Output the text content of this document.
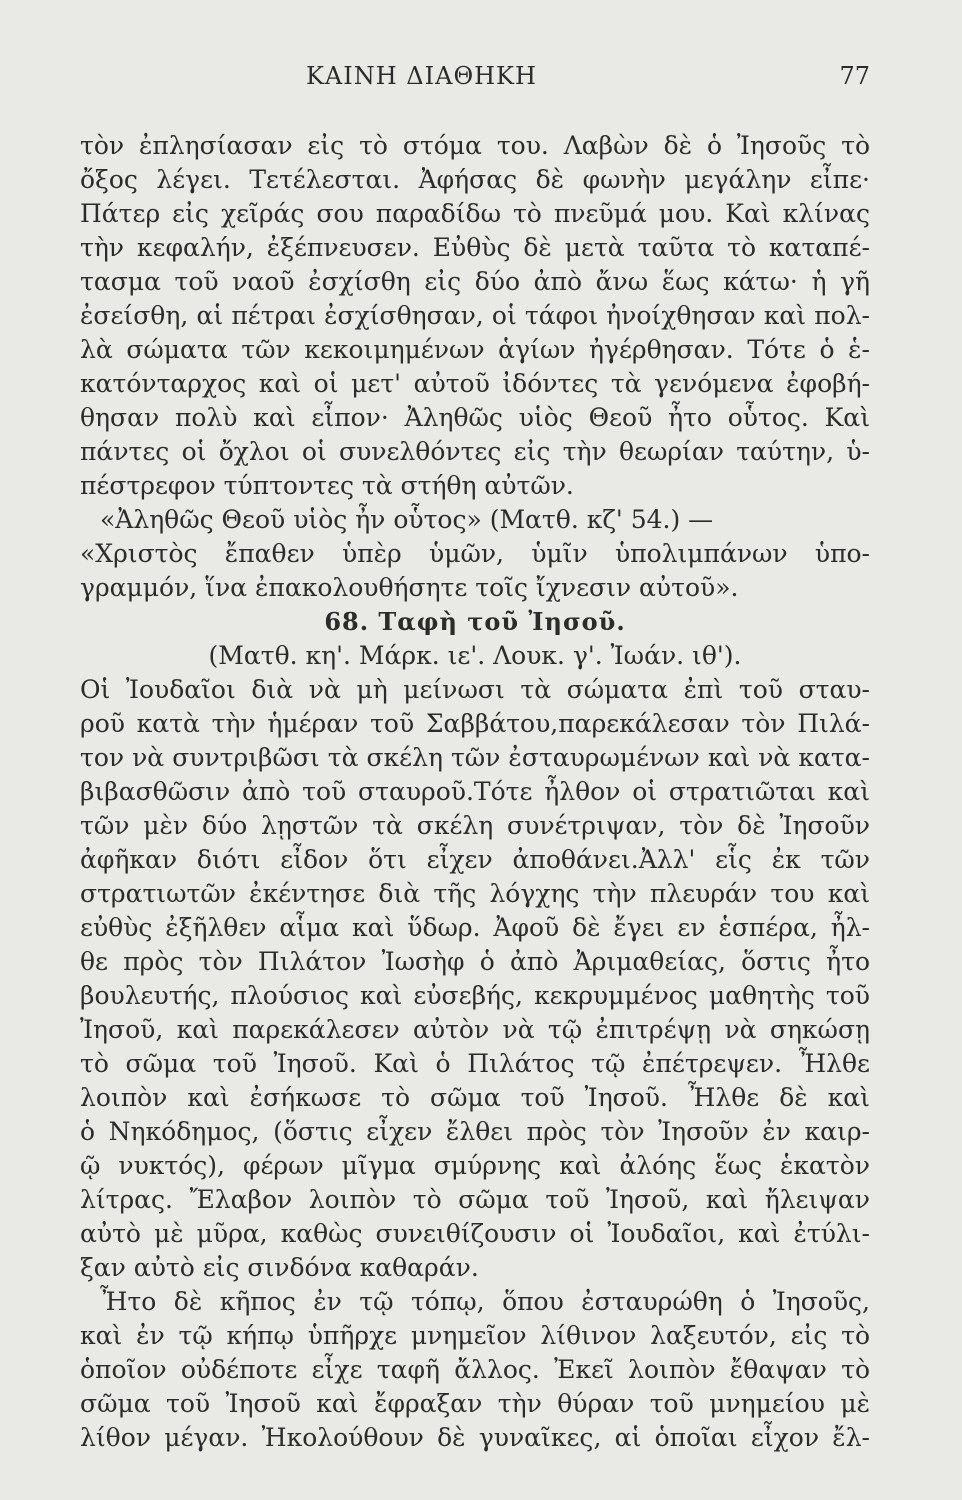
ΚΑΙΝΗ ΔΙΑΘΗΚΗ	77
τὸν ἐπλησίασαν εἰς τὸ στόμα του. Λαβὼν δὲ ὁ Ἰησοῦς τὸ
ὄξος λέγει. Τετέλεσται. Ἀφήσας δὲ φωνὴν μεγάλην εἶπε·
Πάτερ εἰς χεῖράς σου παραδίδω τὸ πνεῦμά μου. Καὶ κλίνας
τὴν κεφαλήν, ἐξέπνευσεν. Εὐθὺς δὲ μετὰ ταῦτα τὸ καταπέ-
τασμα τοῦ ναοῦ ἐσχίσθη εἰς δύο ἀπὸ ἄνω ἕως κάτω· ἡ γῆ
ἐσείσθη, αἱ πέτραι ἐσχίσθησαν, οἱ τάφοι ἠνοίχθησαν καὶ πολ-
λὰ σώματα τῶν κεκοιμημένων ἁγίων ἠγέρθησαν. Τότε ὁ ἑ-
κατόνταρχος καὶ οἱ μετ' αὐτοῦ ἰδόντες τὰ γενόμενα ἐφοβή-
θησαν πολὺ καὶ εἶπον· Ἀληθῶς υἱὸς Θεοῦ ἦτο οὗτος. Καὶ
πάντες οἱ ὄχλοι οἱ συνελθόντες εἰς τὴν θεωρίαν ταύτην, ὑ-
πέστρεφον τύπτοντες τὰ στήθη αὐτῶν.
«Ἀληθῶς Θεοῦ υἱὸς ἦν οὗτος» (Ματθ. κζ' 54.) —
«Χριστὸς ἔπαθεν ὑπὲρ ὑμῶν, ὑμῖν ὑπολιμπάνων ὑπο-
γραμμόν, ἵνα ἐπακολουθήσητε τοῖς ἴχνεσιν αὐτοῦ».
68. Ταφὴ τοῦ Ἰησοῦ.
(Ματθ. κη'. Μάρκ. ιε'. Λουκ. γ'. Ἰωάν. ιθ').
Οἱ Ἰουδαῖοι διὰ νὰ μὴ μείνωσι τὰ σώματα ἐπὶ τοῦ σταυ-
ροῦ κατὰ τὴν ἡμέραν τοῦ Σαββάτου,παρεκάλεσαν τὸν Πιλά-
τον νὰ συντριβῶσι τὰ σκέλη τῶν ἐσταυρωμένων καὶ νὰ κατα-
βιβασθῶσιν ἀπὸ τοῦ σταυροῦ.Τότε ἦλθον οἱ στρατιῶται καὶ
τῶν μὲν δύο λῃστῶν τὰ σκέλη συνέτριψαν, τὸν δὲ Ἰησοῦν
ἀφῆκαν διότι εἶδον ὅτι εἶχεν ἀποθάνει.Ἀλλ' εἷς ἐκ τῶν
στρατιωτῶν ἐκέντησε διὰ τῆς λόγχης τὴν πλευράν του καὶ
εὐθὺς ἐξῆλθεν αἷμα καὶ ὕδωρ. Ἀφοῦ δὲ ἔγει εν ἑσπέρα, ἦλ-
θε πρὸς τὸν Πιλάτον Ἰωσὴφ ὁ ἀπὸ Ἀριμαθείας, ὅστις ἦτο
βουλευτής, πλούσιος καὶ εὐσεβής, κεκρυμμένος μαθητὴς τοῦ
Ἰησοῦ, καὶ παρεκάλεσεν αὐτὸν νὰ τῷ ἐπιτρέψῃ νὰ σηκώσῃ
τὸ σῶμα τοῦ Ἰησοῦ. Καὶ ὁ Πιλάτος τῷ ἐπέτρεψεν. Ἦλθε
λοιπὸν καὶ ἐσήκωσε τὸ σῶμα τοῦ Ἰησοῦ. Ἦλθε δὲ καὶ
ὁ Νηκόδημος, (ὅστις εἶχεν ἔλθει πρὸς τὸν Ἰησοῦν ἐν καιρ-
ῷ νυκτός), φέρων μῖγμα σμύρνης καὶ ἀλόης ἕως ἑκατὸν
λίτρας. Ἔλαβον λοιπὸν τὸ σῶμα τοῦ Ἰησοῦ, καὶ ἤλειψαν
αὐτὸ μὲ μῦρα, καθὼς συνειθίζουσιν οἱ Ἰουδαῖοι, καὶ ἐτύλι-
ξαν αὐτὸ εἰς σινδόνα καθαράν.
Ἦτο δὲ κῆπος ἐν τῷ τόπῳ, ὅπου ἐσταυρώθη ὁ Ἰησοῦς,
καὶ ἐν τῷ κήπῳ ὑπῆρχε μνημεῖον λίθινον λαξευτόν, εἰς τὸ
ὁποῖον οὐδέποτε εἶχε ταφῆ ἄλλος. Ἐκεῖ λοιπὸν ἔθαψαν τὸ
σῶμα τοῦ Ἰησοῦ καὶ ἔφραξαν τὴν θύραν τοῦ μνημείου μὲ
λίθον μέγαν. Ἠκολούθουν δὲ γυναῖκες, αἱ ὁποῖαι εἶχον ἔλ-
